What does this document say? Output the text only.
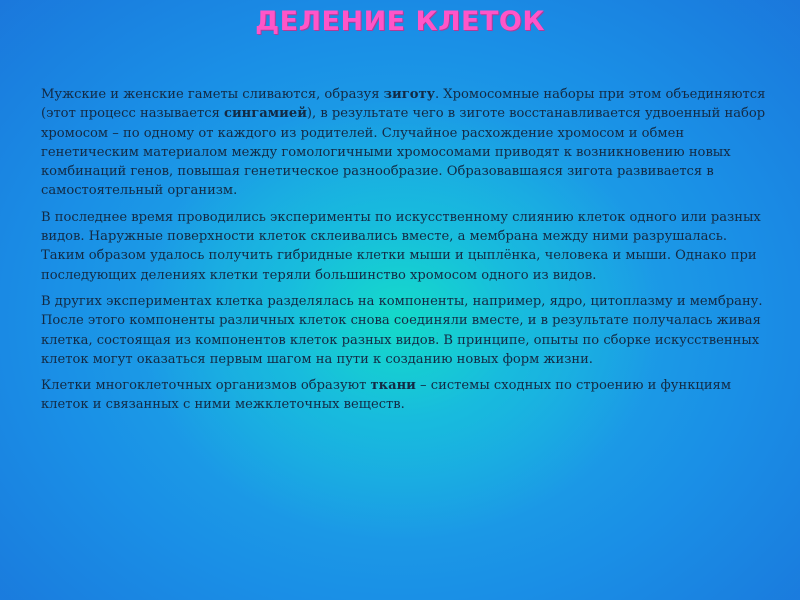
ДЕЛЕНИЕ КЛЕТОК

Мужские и женские гаметы сливаются, образуя зиготу. Хромосомные наборы при этом объединяются (этот процесс называется сингамией), в результате чего в зиготе восстанавливается удвоенный набор хромосом – по одному от каждого из родителей. Случайное расхождение хромосом и обмен генетическим материалом между гомологичными хромосомами приводят к возникновению новых комбинаций генов, повышая генетическое разнообразие. Образовавшаяся зигота развивается в самостоятельный организм.

В последнее время проводились эксперименты по искусственному слиянию клеток одного или разных видов. Наружные поверхности клеток склеивались вместе, а мембрана между ними разрушалась. Таким образом удалось получить гибридные клетки мыши и цыплёнка, человека и мыши. Однако при последующих делениях клетки теряли большинство хромосом одного из видов.

В других экспериментах клетка разделялась на компоненты, например, ядро, цитоплазму и мембрану. После этого компоненты различных клеток снова соединяли вместе, и в результате получалась живая клетка, состоящая из компонентов клеток разных видов. В принципе, опыты по сборке искусственных клеток могут оказаться первым шагом на пути к созданию новых форм жизни.

Клетки многоклеточных организмов образуют ткани – системы сходных по строению и функциям клеток и связанных с ними межклеточных веществ.
